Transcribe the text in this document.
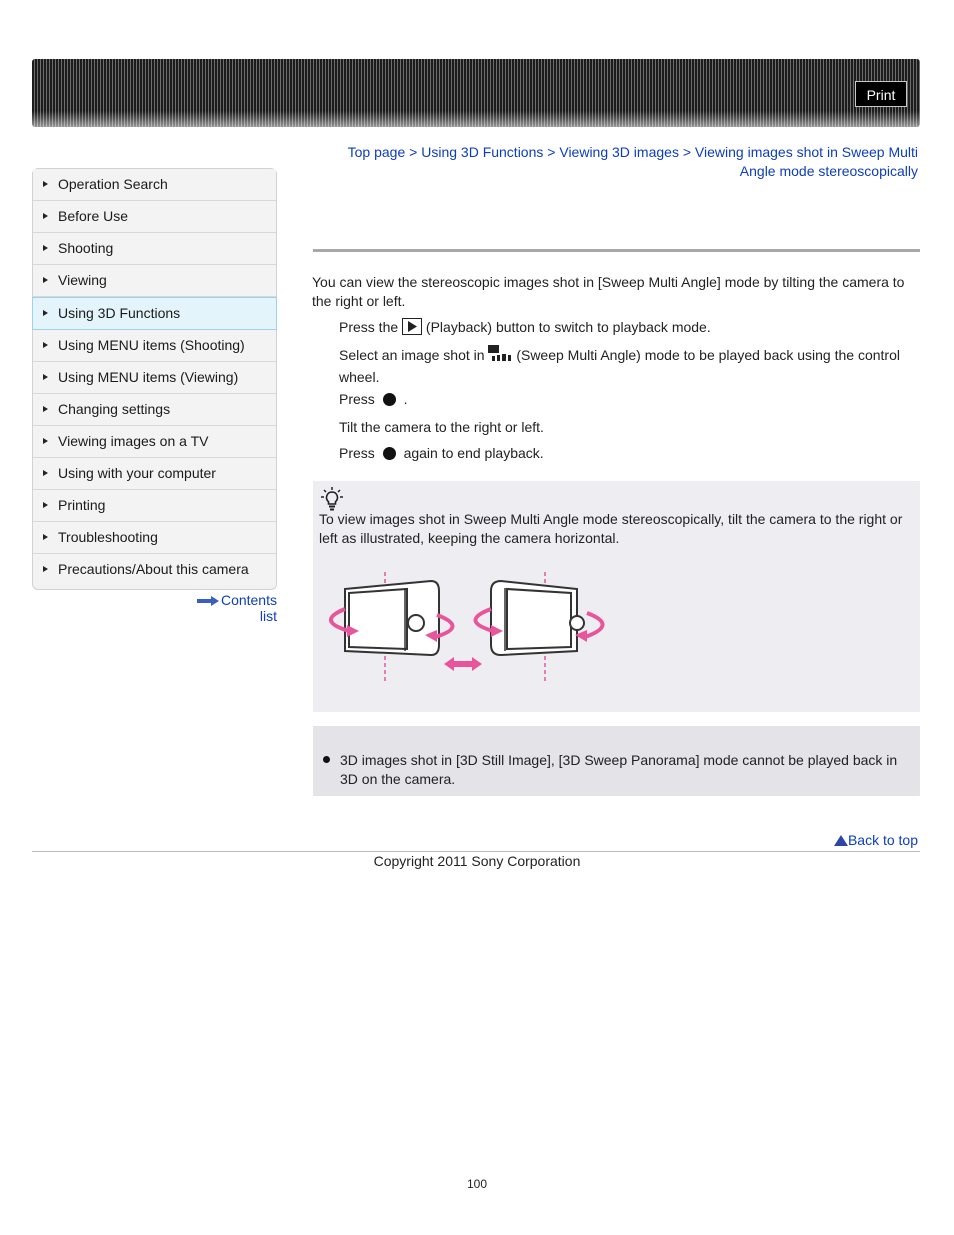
Print
Top page > Using 3D Functions > Viewing 3D images > Viewing images shot in Sweep Multi Angle mode stereoscopically
Operation Search
Before Use
Shooting
Viewing
Using 3D Functions
Using MENU items (Shooting)
Using MENU items (Viewing)
Changing settings
Viewing images on a TV
Using with your computer
Printing
Troubleshooting
Precautions/About this camera
Contents list
You can view the stereoscopic images shot in [Sweep Multi Angle] mode by tilting the camera to the right or left.
Press the (Playback) button to switch to playback mode.
Select an image shot in (Sweep Multi Angle) mode to be played back using the control wheel.
Press .
Tilt the camera to the right or left.
Press again to end playback.
To view images shot in Sweep Multi Angle mode stereoscopically, tilt the camera to the right or left as illustrated, keeping the camera horizontal.
3D images shot in [3D Still Image], [3D Sweep Panorama] mode cannot be played back in 3D on the camera.
Back to top
Copyright 2011 Sony Corporation
100
